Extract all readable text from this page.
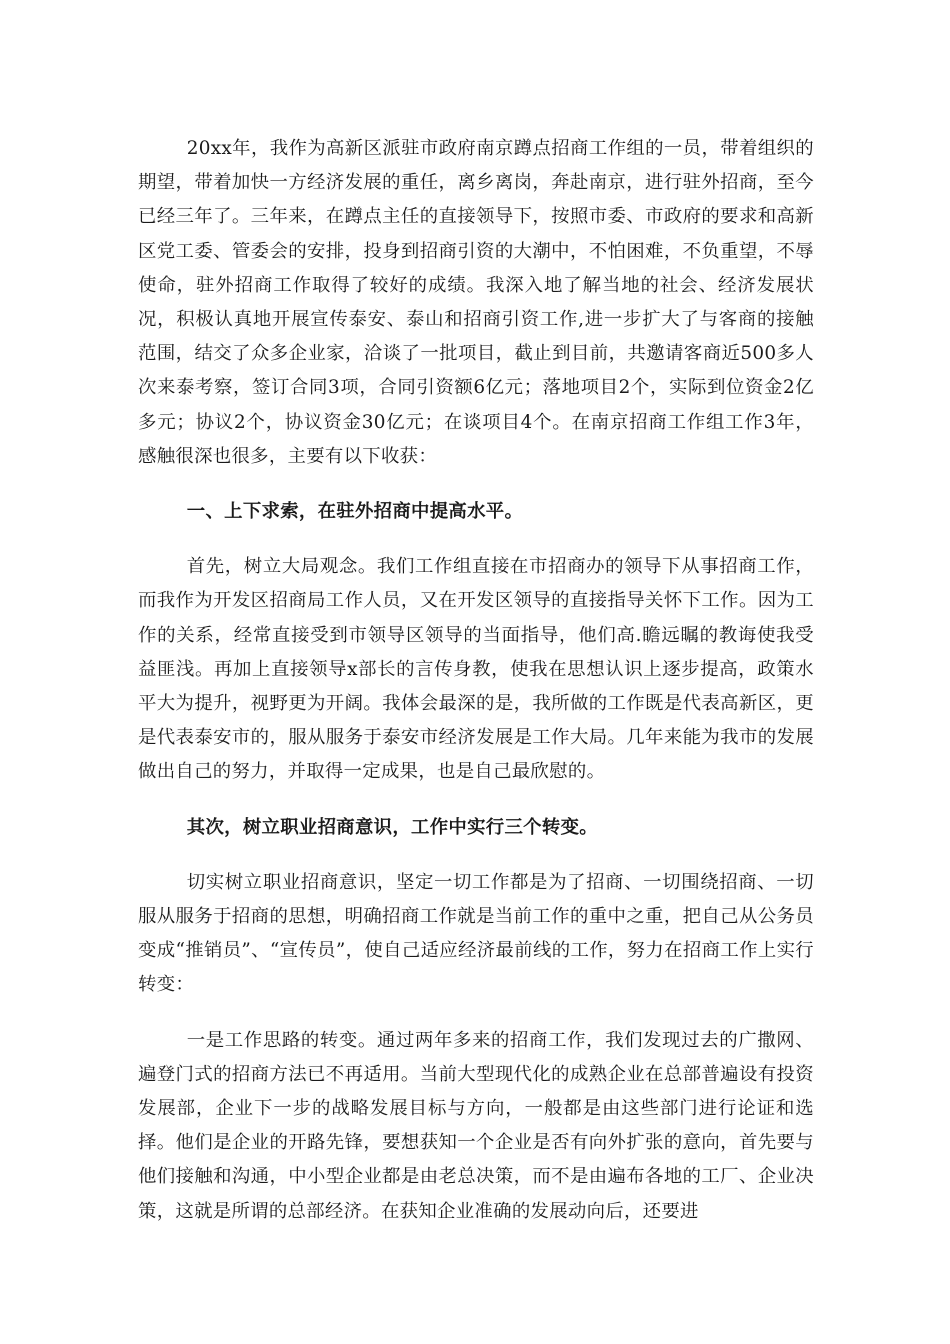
20xx年，我作为高新区派驻市政府南京蹲点招商工作组的一员，带着组织的期望，带着加快一方经济发展的重任，离乡离岗，奔赴南京，进行驻外招商，至今已经三年了。三年来，在蹲点主任的直接领导下，按照市委、市政府的要求和高新区党工委、管委会的安排，投身到招商引资的大潮中，不怕困难，不负重望，不辱使命，驻外招商工作取得了较好的成绩。我深入地了解当地的社会、经济发展状况，积极认真地开展宣传泰安、泰山和招商引资工作,进一步扩大了与客商的接触范围，结交了众多企业家，洽谈了一批项目，截止到目前，共邀请客商近500多人次来泰考察，签订合同3项，合同引资额6亿元；落地项目2个，实际到位资金2亿多元；协议2个，协议资金30亿元；在谈项目4个。在南京招商工作组工作3年，感触很深也很多，主要有以下收获：

一、上下求索，在驻外招商中提高水平。

首先，树立大局观念。我们工作组直接在市招商办的领导下从事招商工作，而我作为开发区招商局工作人员，又在开发区领导的直接指导关怀下工作。因为工作的关系，经常直接受到市领导区领导的当面指导，他们高.瞻远瞩的教诲使我受益匪浅。再加上直接领导x部长的言传身教，使我在思想认识上逐步提高，政策水平大为提升，视野更为开阔。我体会最深的是，我所做的工作既是代表高新区，更是代表泰安市的，服从服务于泰安市经济发展是工作大局。几年来能为我市的发展做出自己的努力，并取得一定成果，也是自己最欣慰的。

其次，树立职业招商意识，工作中实行三个转变。

切实树立职业招商意识，坚定一切工作都是为了招商、一切围绕招商、一切服从服务于招商的思想，明确招商工作就是当前工作的重中之重，把自己从公务员变成“推销员”、“宣传员”，使自己适应经济最前线的工作，努力在招商工作上实行转变：

一是工作思路的转变。通过两年多来的招商工作，我们发现过去的广撒网、遍登门式的招商方法已不再适用。当前大型现代化的成熟企业在总部普遍设有投资发展部，企业下一步的战略发展目标与方向，一般都是由这些部门进行论证和选择。他们是企业的开路先锋，要想获知一个企业是否有向外扩张的意向，首先要与他们接触和沟通，中小型企业都是由老总决策，而不是由遍布各地的工厂、企业决策，这就是所谓的总部经济。在获知企业准确的发展动向后，还要进
